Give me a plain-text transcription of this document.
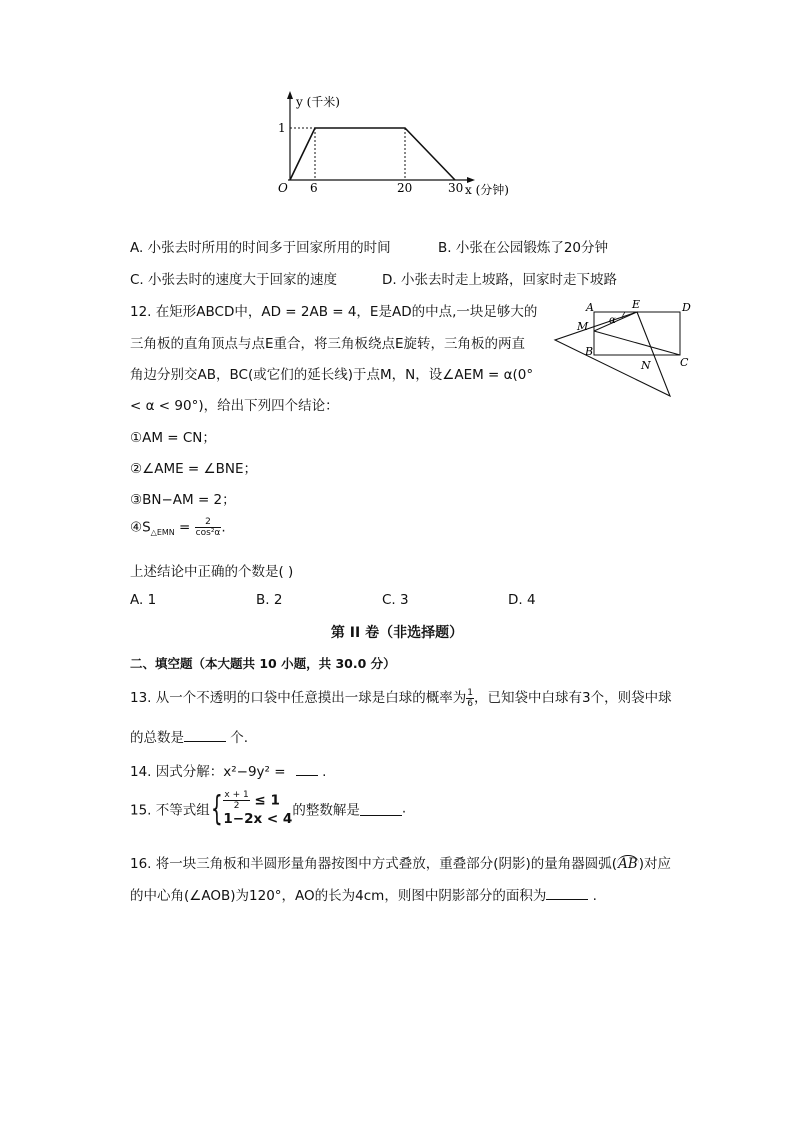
y (千米)
1
O 6	20	30 x (分钟)
A. 小张去时所用的时间多于回家所用的时间	B. 小张在公园锻炼了20分钟
C. 小张去时的速度大于回家的速度	D. 小张去时走上坡路，回家时走下坡路
12. 在矩形ABCD中，AD = 2AB = 4，E是AD的中点,一块足够大的
三角板的直角顶点与点E重合，将三角板绕点E旋转，三角板的两直
角边分别交AB，BC(或它们的延长线)于点M，N，设∠AEM = α(0°
< α < 90°)，给出下列四个结论：
①AM = CN；
②∠AME = ∠BNE；
③BN−AM = 2；
$④S_{\triangle EMN} = \frac{2}{\text{cos²α}}$ .
上述结论中正确的个数是( )
A. 1	B. 2	C. 3	D. 4
A	E	D
M α
B
N	C
第 II 卷（非选择题）
二、填空题（本大题共 10 小题，共 30.0 分）
13. 从一个不透明的口袋中任意摸出一球是白球的概率为 $\frac{1}{6}$ ，已知袋中白球有3个，则袋中球
的总数是	个.
14. 因式分解：x²−9y² =  .
15. 不等式组{ $\frac{x + 1}{2} \le 1$
1−2x < 4
的整数解是	.
16. 将一块三角板和半圆形量角器按图中方式叠放，重叠部分(阴影)的量角器圆弧(AB)对应
的中心角(∠AOB)为120°，AO的长为4cm，则图中阴影部分的面积为	.
